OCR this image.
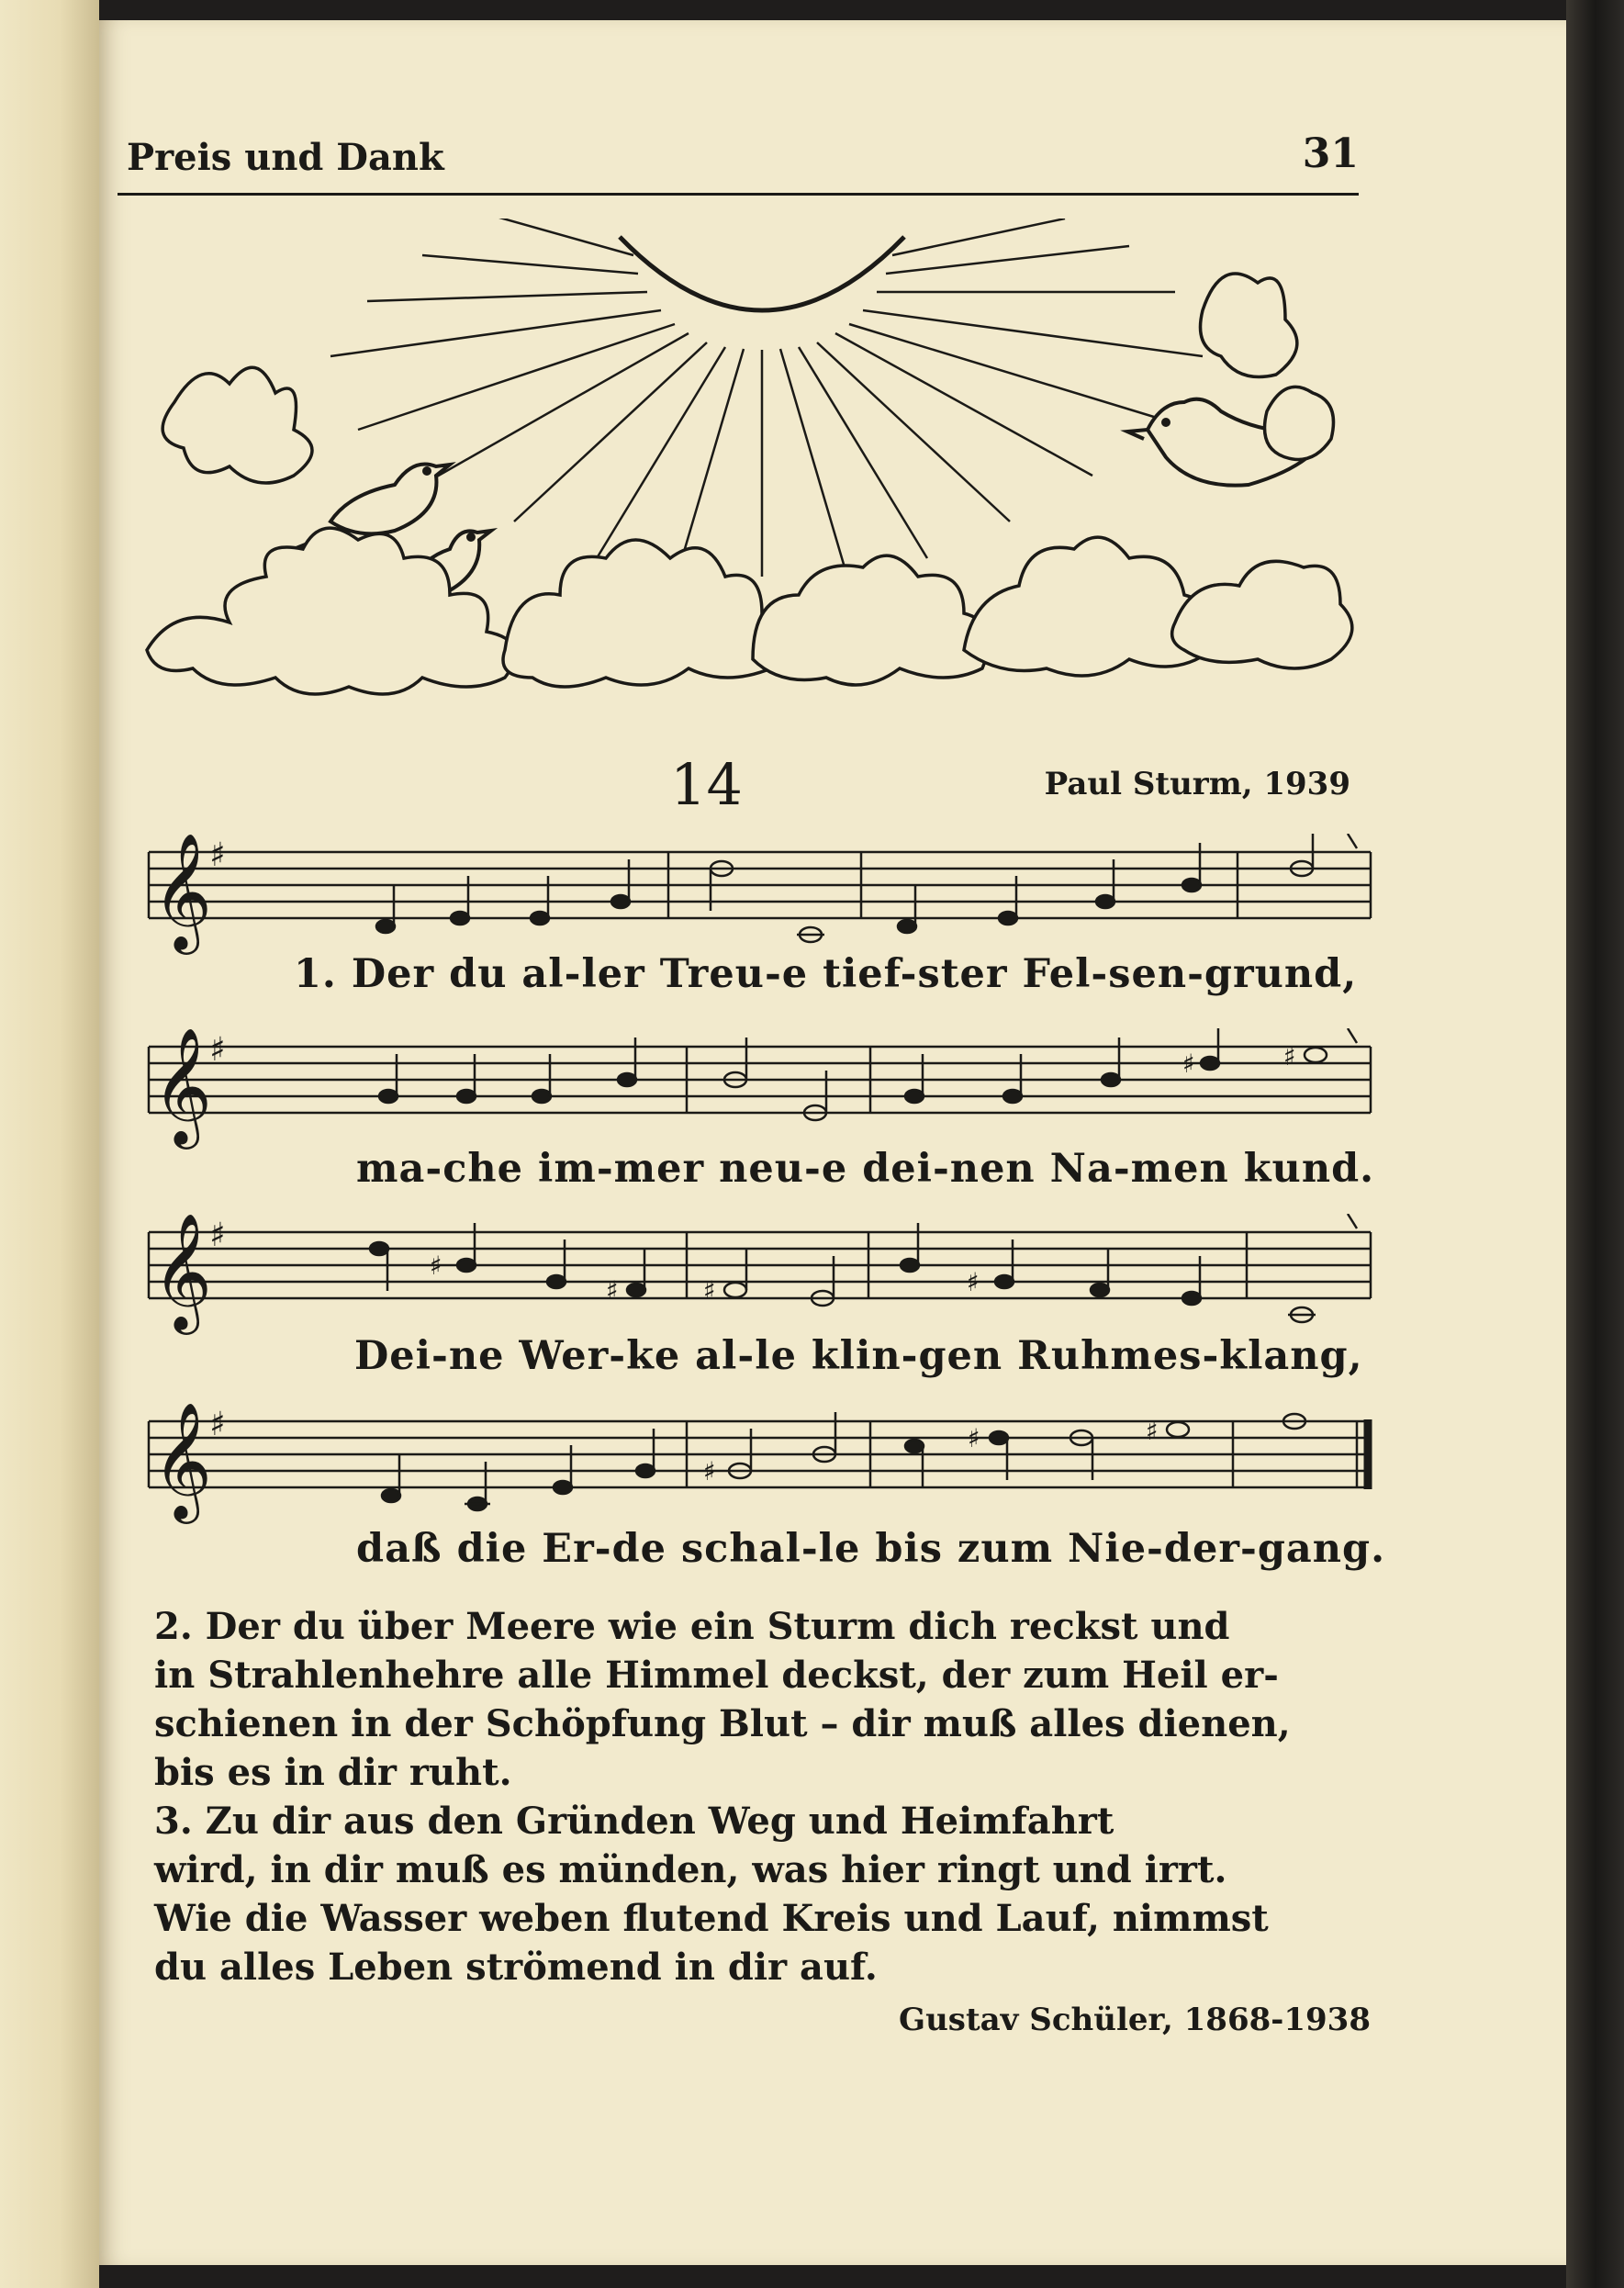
Preis und Dank	31
14	Paul Sturm, 1939
𝄞
♯
1. Der du al-ler Treu-e tief-ster Fel-sen-grund,
𝄞
♯	♯	♯
ma-che im-mer neu-e dei-nen Na-men kund.
𝄞
♯
♯
♯	♯	♯
Dei-ne Wer-ke al-le klin-gen Ruhmes-klang,
𝄞
♯
♯
♯	♯
daß die Er-de schal-le bis zum Nie-der-gang.

2. Der du über Meere wie ein Sturm dich reckst und
in Strahlenhehre alle Himmel deckst, der zum Heil er-
schienen in der Schöpfung Blut – dir muß alles dienen,
bis es in dir ruht.

3. Zu dir aus den Gründen Weg und Heimfahrt
wird, in dir muß es münden, was hier ringt und irrt.
Wie die Wasser weben flutend Kreis und Lauf, nimmst
du alles Leben strömend in dir auf.

Gustav Schüler, 1868-1938
